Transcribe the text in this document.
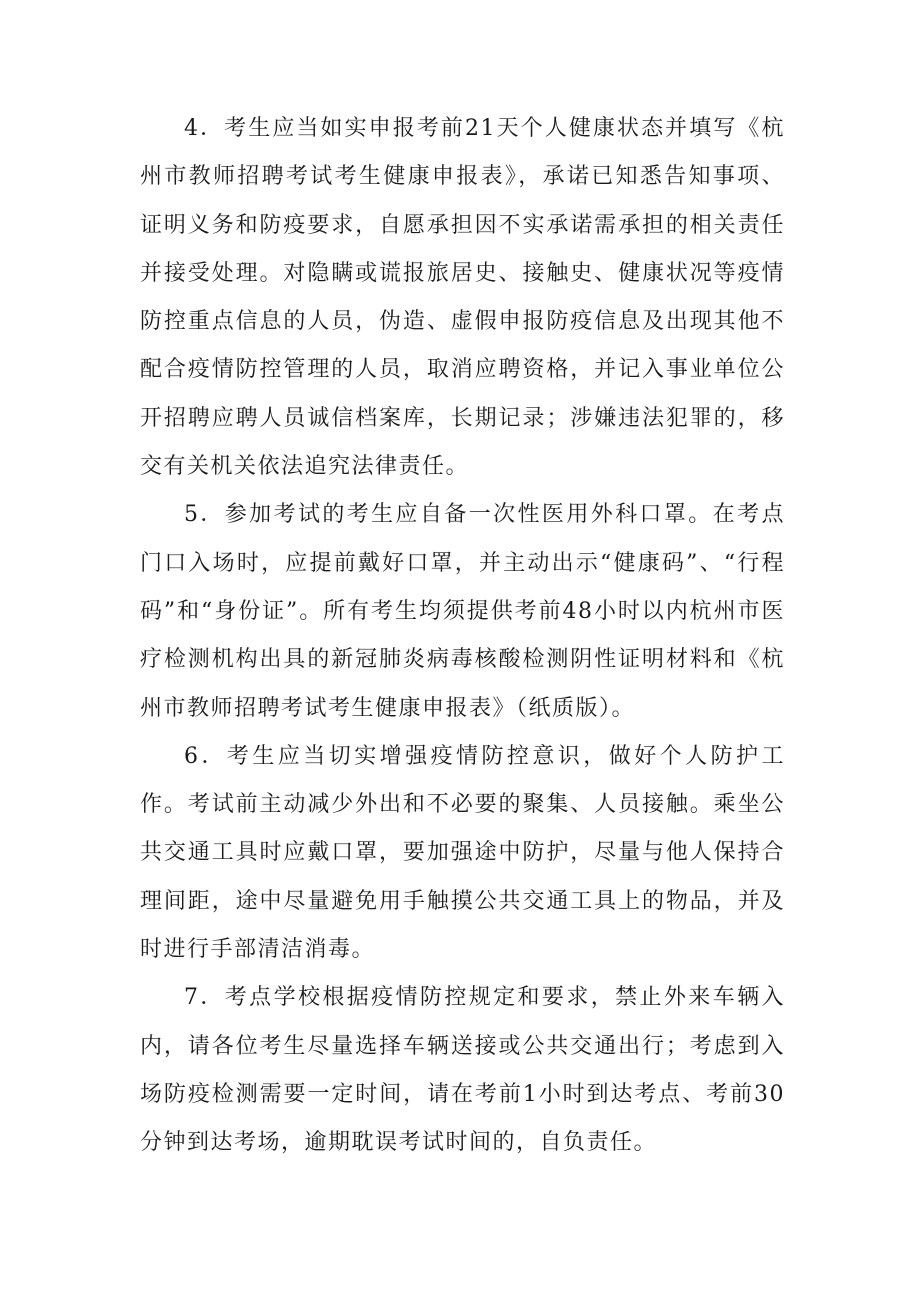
4．考生应当如实申报考前21天个人健康状态并填写《杭州市教师招聘考试考生健康申报表》，承诺已知悉告知事项、证明义务和防疫要求，自愿承担因不实承诺需承担的相关责任并接受处理。对隐瞒或谎报旅居史、接触史、健康状况等疫情防控重点信息的人员，伪造、虚假申报防疫信息及出现其他不配合疫情防控管理的人员，取消应聘资格，并记入事业单位公开招聘应聘人员诚信档案库，长期记录；涉嫌违法犯罪的，移交有关机关依法追究法律责任。

5．参加考试的考生应自备一次性医用外科口罩。在考点门口入场时，应提前戴好口罩，并主动出示“健康码”、“行程码”和“身份证”。所有考生均须提供考前48小时以内杭州市医疗检测机构出具的新冠肺炎病毒核酸检测阴性证明材料和《杭州市教师招聘考试考生健康申报表》（纸质版）。

6．考生应当切实增强疫情防控意识，做好个人防护工作。考试前主动减少外出和不必要的聚集、人员接触。乘坐公共交通工具时应戴口罩，要加强途中防护，尽量与他人保持合理间距，途中尽量避免用手触摸公共交通工具上的物品，并及时进行手部清洁消毒。

7．考点学校根据疫情防控规定和要求，禁止外来车辆入内，请各位考生尽量选择车辆送接或公共交通出行；考虑到入场防疫检测需要一定时间，请在考前1小时到达考点、考前30分钟到达考场，逾期耽误考试时间的，自负责任。
